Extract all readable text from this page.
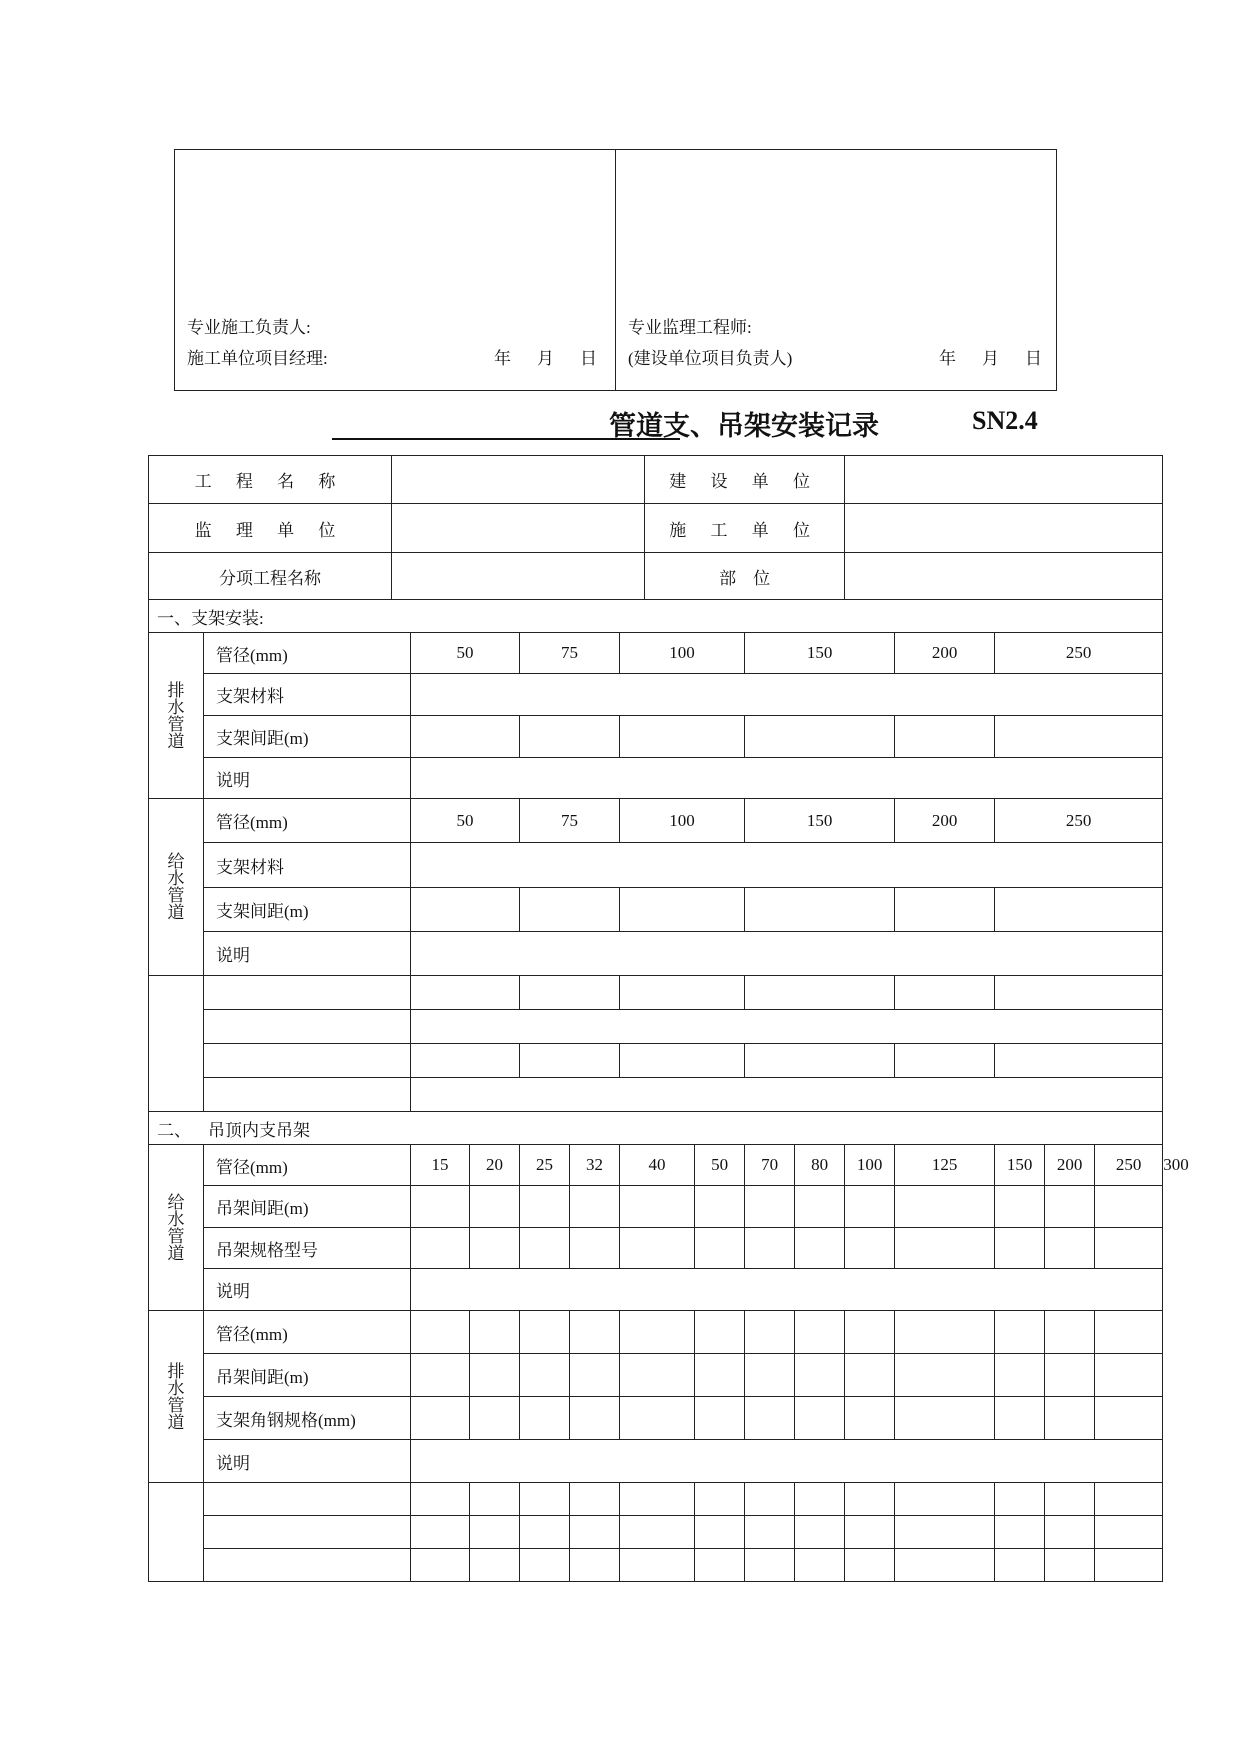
专业施工负责人:
施工单位项目经理:	年 月 日

专业监理工程师:
(建设单位项目负责人)	年 月 日
管道支、吊架安装记录	SN2.4
工 程 名 称								建 设 单 位									
监 理 单 位								施 工 单 位									
分项工程名称								部    位									
一、支架安装:																	

排
水
管
道	管径(mm)		50		75		100			150			200	250			
	支架材料																
	支架间距(m)																
	说明																

给
水
管
道	管径(mm)		50		75		100			150			200	250			
	支架材料																
	支架间距(m)																
	说明																

二、    吊顶内支吊架																	

给
水
管
道	管径(mm)		15	20	25	32	40		50	70	80	100	125	150	200	250	300
	吊架间距(m)																
	吊架规格型号																
	说明																

排
水
管
道	管径(mm)																
	吊架间距(m)																
	支架角钢规格(mm)																
	说明																
